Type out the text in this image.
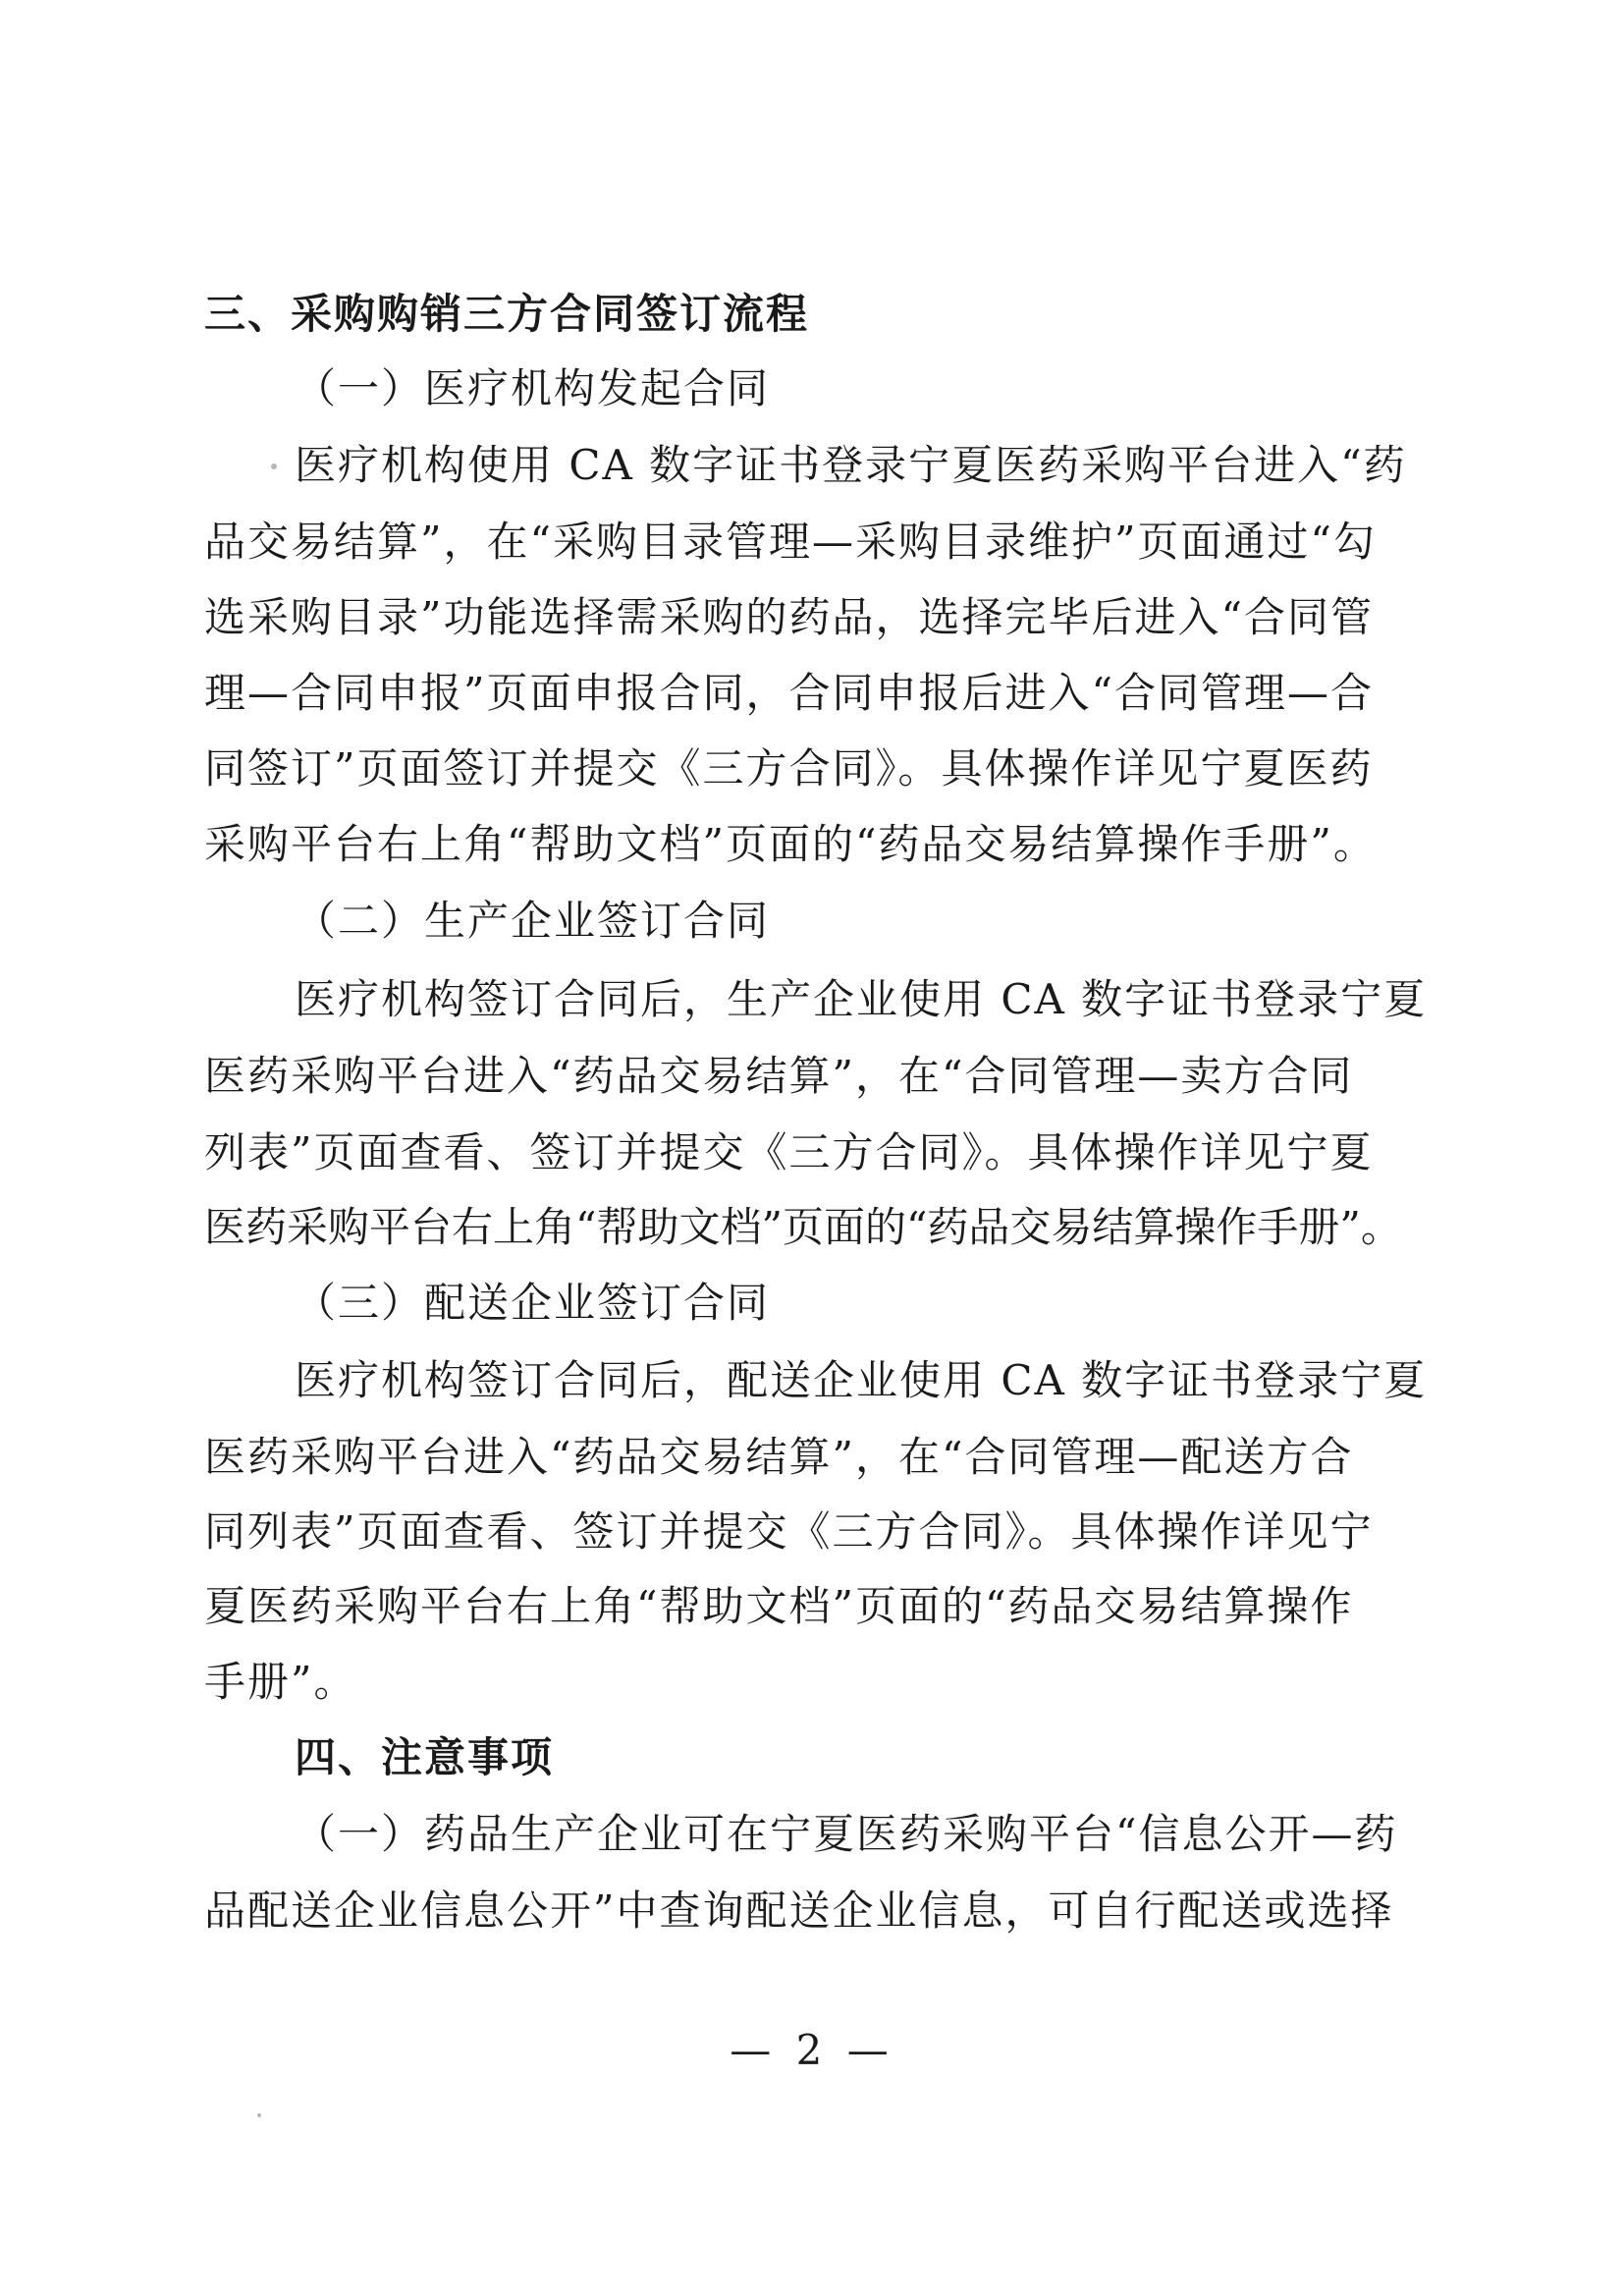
三、采购购销三方合同签订流程
（一）医疗机构发起合同
医疗机构使用 CA 数字证书登录宁夏医药采购平台进入“药
品交易结算”，在“采购目录管理—采购目录维护”页面通过“勾
选采购目录”功能选择需采购的药品，选择完毕后进入“合同管
理—合同申报”页面申报合同，合同申报后进入“合同管理—合
同签订”页面签订并提交《三方合同》。具体操作详见宁夏医药
采购平台右上角“帮助文档”页面的“药品交易结算操作手册”。
（二）生产企业签订合同
医疗机构签订合同后，生产企业使用 CA 数字证书登录宁夏
医药采购平台进入“药品交易结算”，在“合同管理—卖方合同
列表”页面查看、签订并提交《三方合同》。具体操作详见宁夏
医药采购平台右上角“帮助文档”页面的“药品交易结算操作手册”。
（三）配送企业签订合同
医疗机构签订合同后，配送企业使用 CA 数字证书登录宁夏
医药采购平台进入“药品交易结算”，在“合同管理—配送方合
同列表”页面查看、签订并提交《三方合同》。具体操作详见宁
夏医药采购平台右上角“帮助文档”页面的“药品交易结算操作
手册”。
四、注意事项
（一）药品生产企业可在宁夏医药采购平台“信息公开—药
品配送企业信息公开”中查询配送企业信息，可自行配送或选择
— 2 —
